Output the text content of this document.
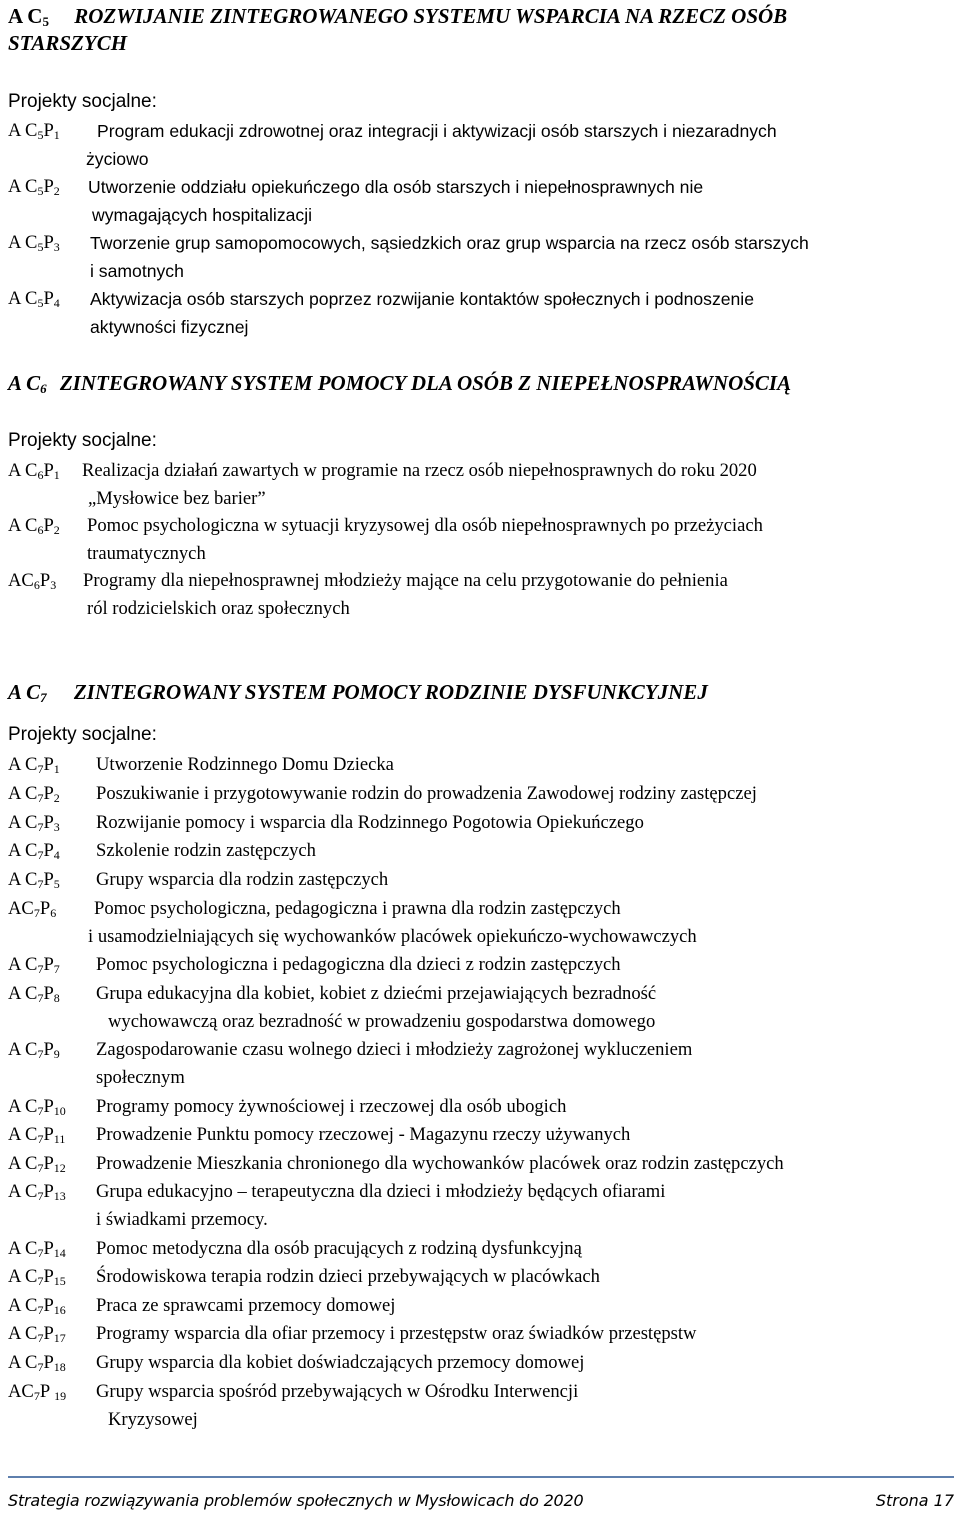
A $C_5$ ROZWIJANIE ZINTEGROWANEGO SYSTEMU WSPARCIA NA RZECZ OSÓB
STARSZYCH
Projekty socjalne:
A $C_5P_1$ Program edukacji zdrowotnej oraz integracji i aktywizacji osób starszych i niezaradnych
życiowo
A $C_5P_2$ Utworzenie oddziału opiekuńczego dla osób starszych i niepełnosprawnych nie
wymagających hospitalizacji
A $C_5P_3$ Tworzenie grup samopomocowych, sąsiedzkich oraz grup wsparcia na rzecz osób starszych
i samotnych
A $C_5P_4$ Aktywizacja osób starszych poprzez rozwijanie kontaktów społecznych i podnoszenie
aktywności fizycznej
A $C_6$ ZINTEGROWANY SYSTEM POMOCY DLA OSÓB Z NIEPEŁNOSPRAWNOŚCIĄ
Projekty socjalne:
A $C_6P_1$ Realizacja działań zawartych w programie na rzecz osób niepełnosprawnych do roku 2020
„Mysłowice bez barier”
A $C_6P_2$ Pomoc psychologiczna w sytuacji kryzysowej dla osób niepełnosprawnych po przeżyciach
traumatycznych
$AC_6P_3$ Programy dla niepełnosprawnej młodzieży mające na celu przygotowanie do pełnienia
ról rodzicielskich oraz społecznych
A $C_7$ ZINTEGROWANY SYSTEM POMOCY RODZINIE DYSFUNKCYJNEJ
Projekty socjalne:
A $C_7P_1$ Utworzenie Rodzinnego Domu Dziecka
A $C_7P_2$ Poszukiwanie i przygotowywanie rodzin do prowadzenia Zawodowej rodziny zastępczej
A $C_7P_3$ Rozwijanie pomocy i wsparcia dla Rodzinnego Pogotowia Opiekuńczego
A $C_7P_4$ Szkolenie rodzin zastępczych
A $C_7P_5$ Grupy wsparcia dla rodzin zastępczych
$AC_7P_6$ Pomoc psychologiczna, pedagogiczna i prawna dla rodzin zastępczych
i usamodzielniających się wychowanków placówek opiekuńczo-wychowawczych
A $C_7P_7$ Pomoc psychologiczna i pedagogiczna dla dzieci z rodzin zastępczych
A $C_7P_8$ Grupa edukacyjna dla kobiet, kobiet z dziećmi przejawiających bezradność
wychowawczą oraz bezradność w prowadzeniu gospodarstwa domowego
A $C_7P_9$ Zagospodarowanie czasu wolnego dzieci i młodzieży zagrożonej wykluczeniem
społecznym
A $C_7P_{10}$ Programy pomocy żywnościowej i rzeczowej dla osób ubogich
A $C_7P_{11}$ Prowadzenie Punktu pomocy rzeczowej - Magazynu rzeczy używanych
A $C_7P_{12}$ Prowadzenie Mieszkania chronionego dla wychowanków placówek oraz rodzin zastępczych
A $C_7P_{13}$ Grupa edukacyjno – terapeutyczna dla dzieci i młodzieży będących ofiarami
i świadkami przemocy.
A $C_7P_{14}$ Pomoc metodyczna dla osób pracujących z rodziną dysfunkcyjną
A $C_7P_{15}$ Środowiskowa terapia rodzin dzieci przebywających w placówkach
A $C_7P_{16}$ Praca ze sprawcami przemocy domowej
A $C_7P_{17}$ Programy wsparcia dla ofiar przemocy i przestępstw oraz świadków przestępstw
A $C_7P_{18}$ Grupy wsparcia dla kobiet doświadczających przemocy domowej
$AC_7P$ $_{19}$ Grupy wsparcia spośród przebywających w Ośrodku Interwencji
Kryzysowej
Strategia rozwiązywania problemów społecznych w Mysłowicach do 2020	Strona 17
